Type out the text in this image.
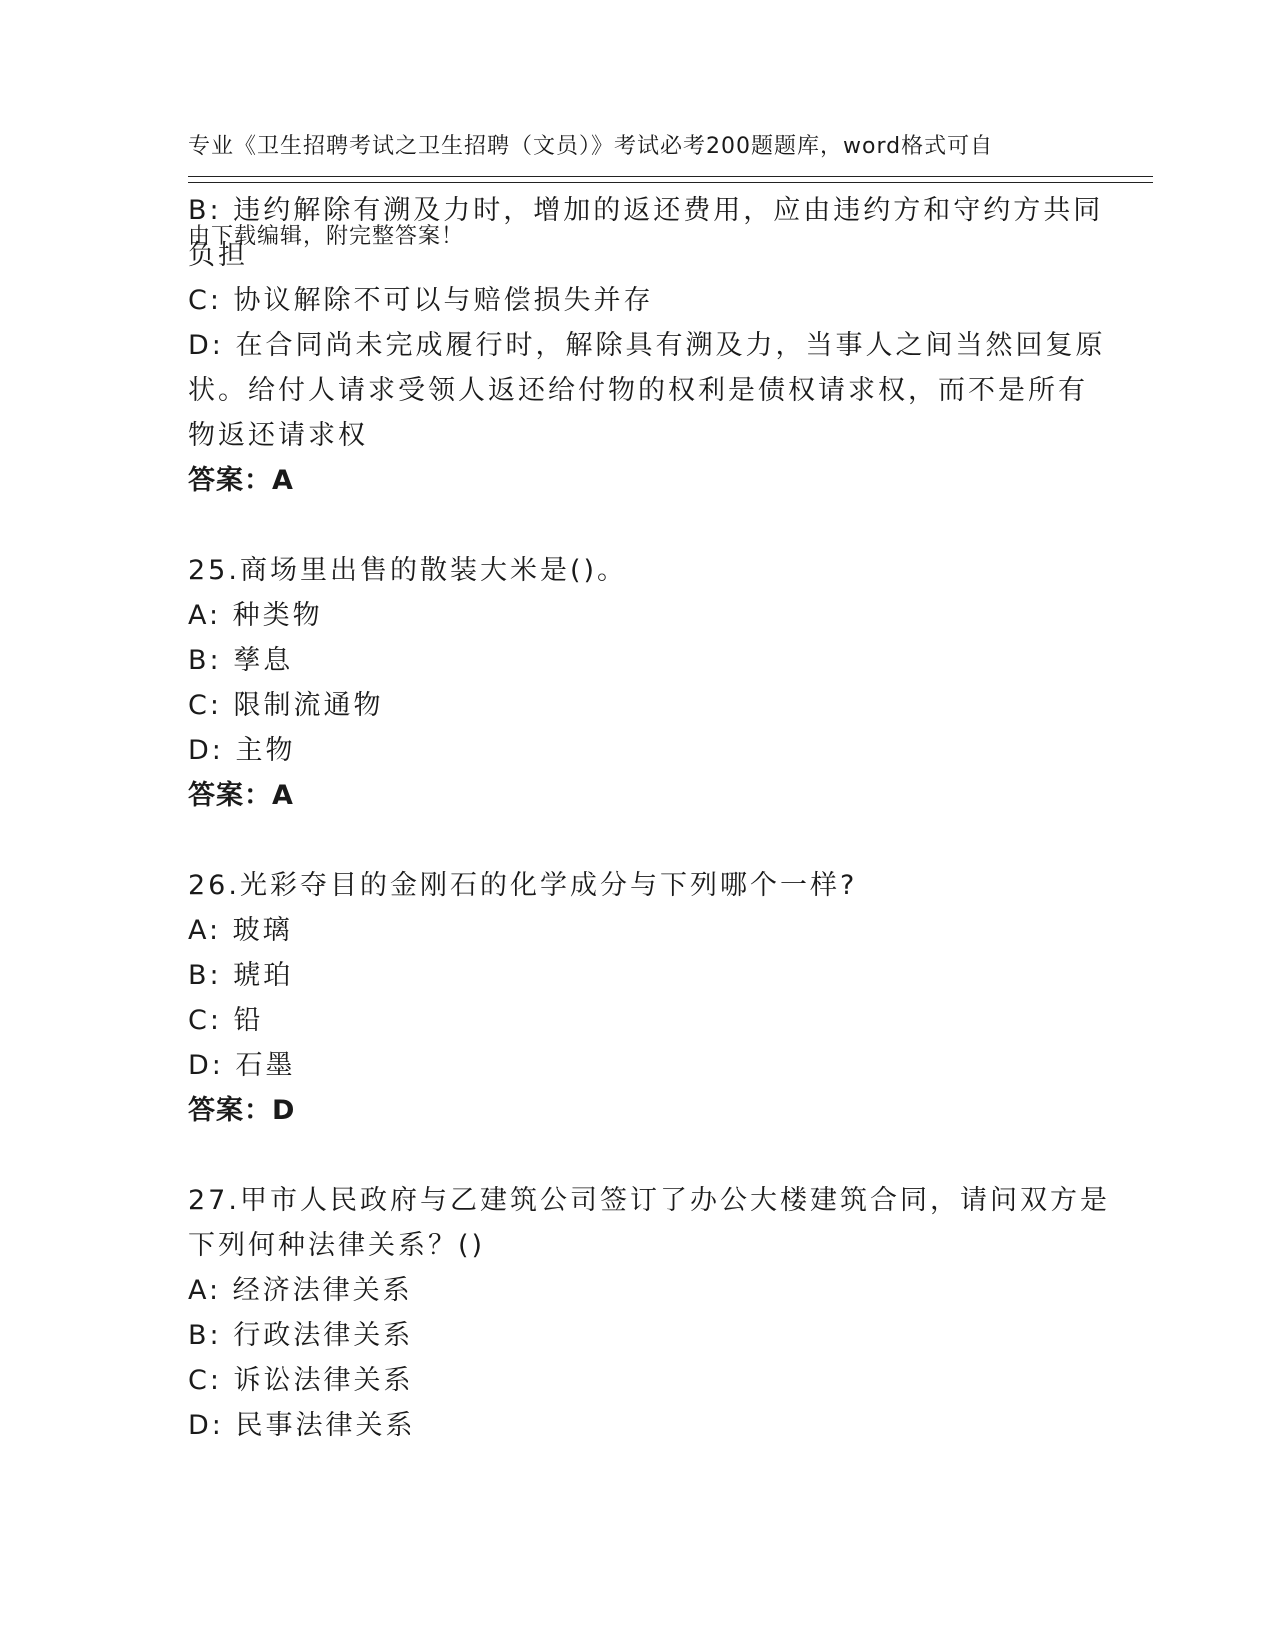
专业《卫生招聘考试之卫生招聘（文员）》考试必考200题题库，word格式可自

由下载编辑，附完整答案！

B: 违约解除有溯及力时，增加的返还费用，应由违约方和守约方共同
负担
C: 协议解除不可以与赔偿损失并存
D: 在合同尚未完成履行时，解除具有溯及力，当事人之间当然回复原
状。给付人请求受领人返还给付物的权利是债权请求权，而不是所有
物返还请求权
答案：A
25.商场里出售的散装大米是()。
A: 种类物
B: 孳息
C: 限制流通物
D: 主物
答案：A
26.光彩夺目的金刚石的化学成分与下列哪个一样?
A: 玻璃
B: 琥珀
C: 铅
D: 石墨
答案：D
27.甲市人民政府与乙建筑公司签订了办公大楼建筑合同，请问双方是
下列何种法律关系？()
A: 经济法律关系
B: 行政法律关系
C: 诉讼法律关系
D: 民事法律关系
